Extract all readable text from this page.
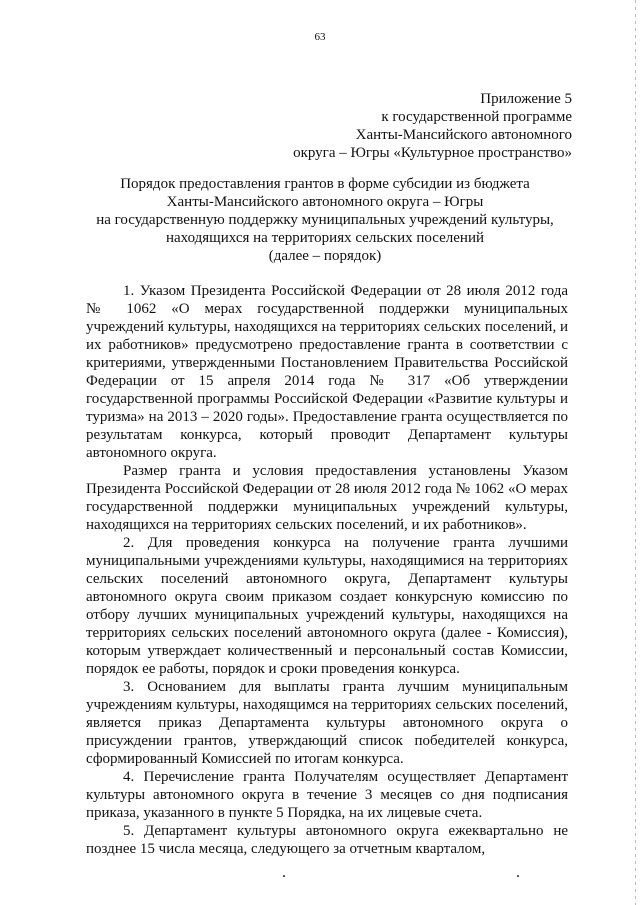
63
Приложение 5
к государственной программе
Ханты-Мансийского автономного
округа – Югры «Культурное пространство»
Порядок предоставления грантов в форме субсидии из бюджета
Ханты-Мансийского автономного округа – Югры
на государственную поддержку муниципальных учреждений культуры,
находящихся на территориях сельских поселений
(далее – порядок)

1. Указом Президента Российской Федерации от 28 июля 2012 года № 1062 «О мерах государственной поддержки муниципальных учреждений культуры, находящихся на территориях сельских поселений, и их работников» предусмотрено предоставление гранта в соответствии с критериями, утвержденными Постановлением Правительства Российской Федерации от 15 апреля 2014 года № 317 «Об утверждении государственной программы Российской Федерации «Развитие культуры и туризма» на 2013 – 2020 годы». Предоставление гранта осуществляется по результатам конкурса, который проводит Департамент культуры автономного округа.

Размер гранта и условия предоставления установлены Указом Президента Российской Федерации от 28 июля 2012 года № 1062 «О мерах государственной поддержки муниципальных учреждений культуры, находящихся на территориях сельских поселений, и их работников».

2. Для проведения конкурса на получение гранта лучшими муниципальными учреждениями культуры, находящимися на территориях сельских поселений автономного округа, Департамент культуры автономного округа своим приказом создает конкурсную комиссию по отбору лучших муниципальных учреждений культуры, находящихся на территориях сельских поселений автономного округа (далее - Комиссия), которым утверждает количественный и персональный состав Комиссии, порядок ее работы, порядок и сроки проведения конкурса.

3. Основанием для выплаты гранта лучшим муниципальным учреждениям культуры, находящимся на территориях сельских поселений, является приказ Департамента культуры автономного округа о присуждении грантов, утверждающий список победителей конкурса, сформированный Комиссией по итогам конкурса.

4. Перечисление гранта Получателям осуществляет Департамент культуры автономного округа в течение 3 месяцев со дня подписания приказа, указанного в пункте 5 Порядка, на их лицевые счета.

5. Департамент культуры автономного округа ежеквартально не позднее 15 числа месяца, следующего за отчетным кварталом,

.	.
